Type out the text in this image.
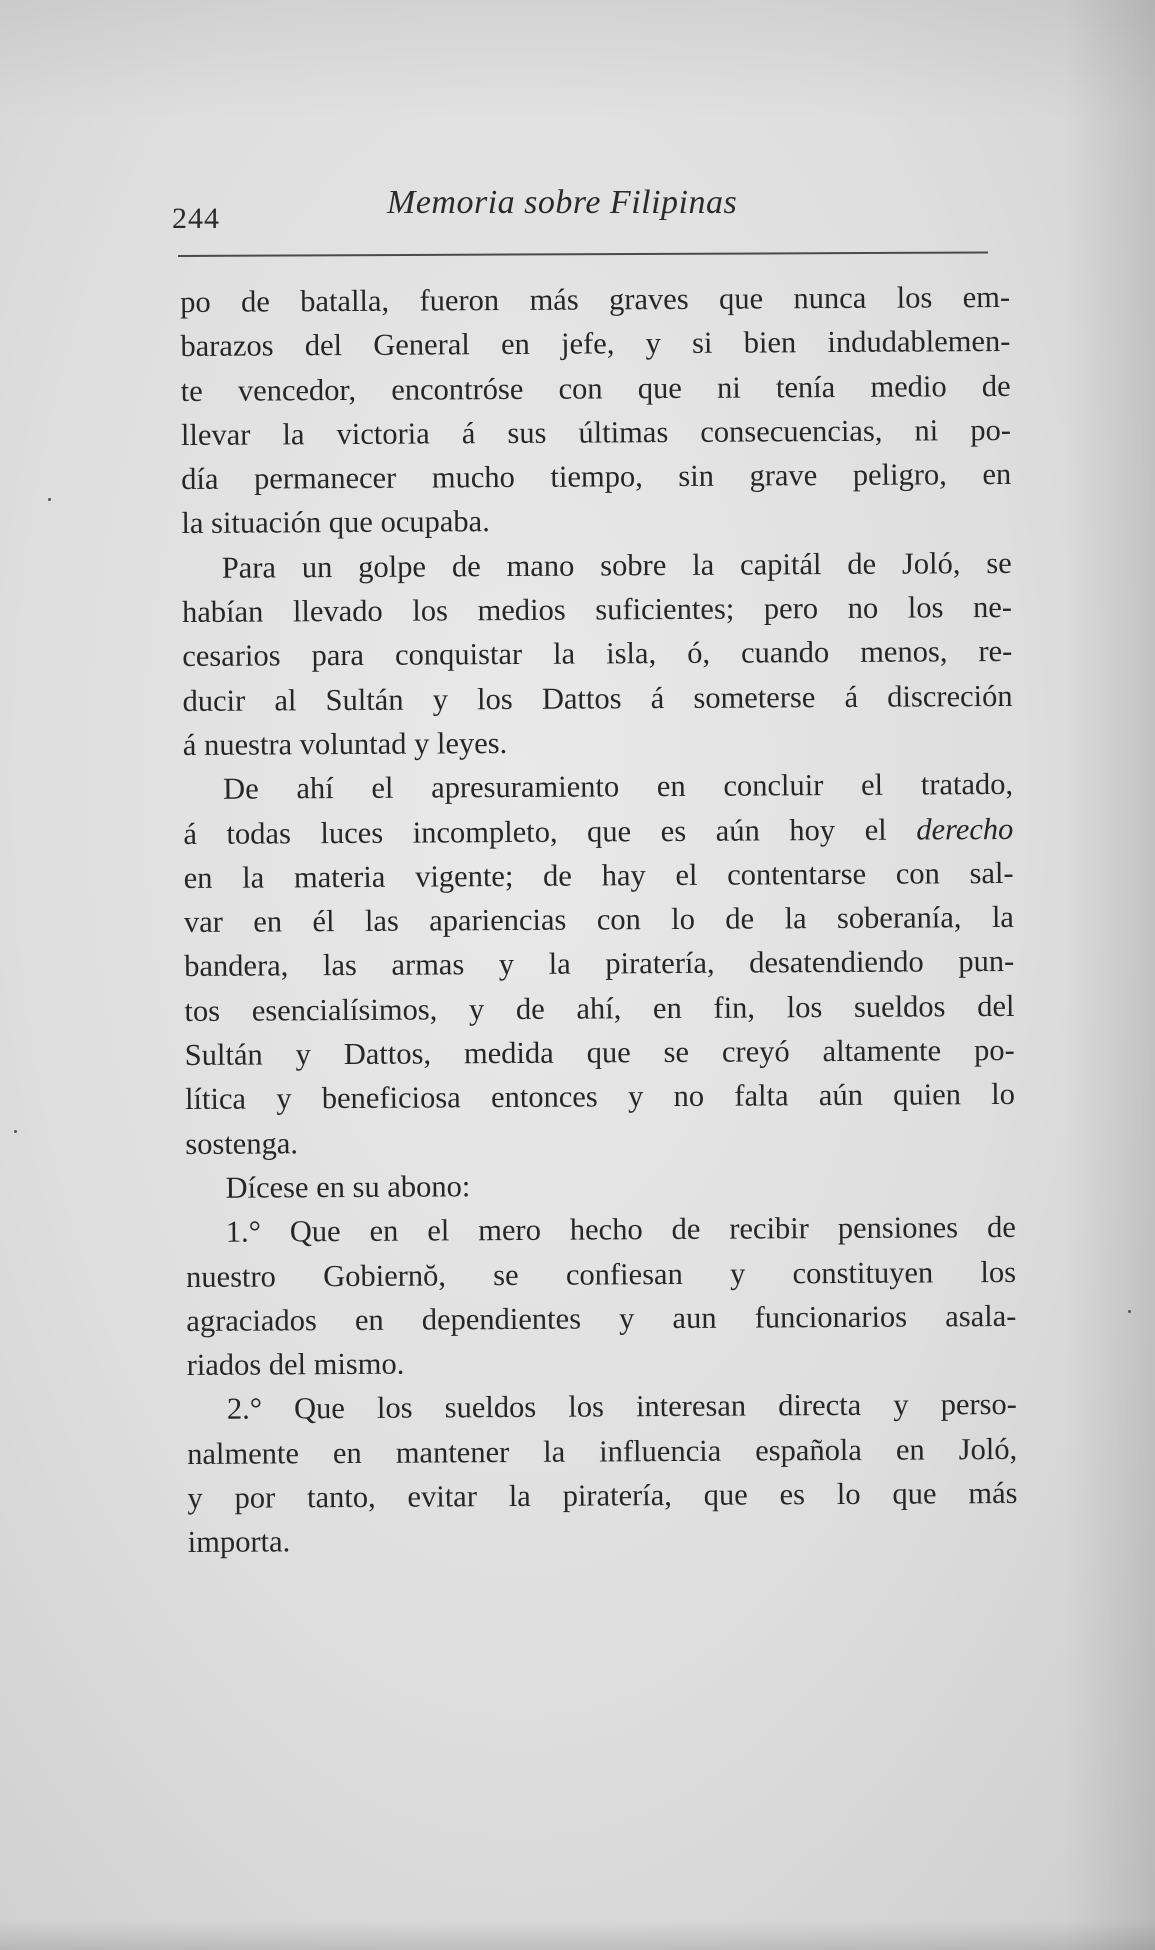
244	Memoria sobre Filipinas
po de batalla, fueron más graves que nunca los em-
barazos del General en jefe, y si bien indudablemen-
te vencedor, encontróse con que ni tenía medio de
llevar la victoria á sus últimas consecuencias, ni po-
día permanecer mucho tiempo, sin grave peligro, en
la situación que ocupaba.
Para un golpe de mano sobre la capitál de Joló, se
habían llevado los medios suficientes; pero no los ne-
cesarios para conquistar la isla, ó, cuando menos, re-
ducir al Sultán y los Dattos á someterse á discreción
á nuestra voluntad y leyes.
De ahí el apresuramiento en concluir el tratado,
á todas luces incompleto, que es aún hoy el derecho
en la materia vigente; de hay el contentarse con sal-
var en él las apariencias con lo de la soberanía, la
bandera, las armas y la piratería, desatendiendo pun-
tos esencialísimos, y de ahí, en fin, los sueldos del
Sultán y Dattos, medida que se creyó altamente po-
lítica y beneficiosa entonces y no falta aún quien lo
sostenga.
Dícese en su abono:
1.° Que en el mero hecho de recibir pensiones de
nuestro Gobiernŏ, se confiesan y constituyen los
agraciados en dependientes y aun funcionarios asala-
riados del mismo.
2.° Que los sueldos los interesan directa y perso-
nalmente en mantener la influencia española en Joló,
y por tanto, evitar la piratería, que es lo que más
importa.
